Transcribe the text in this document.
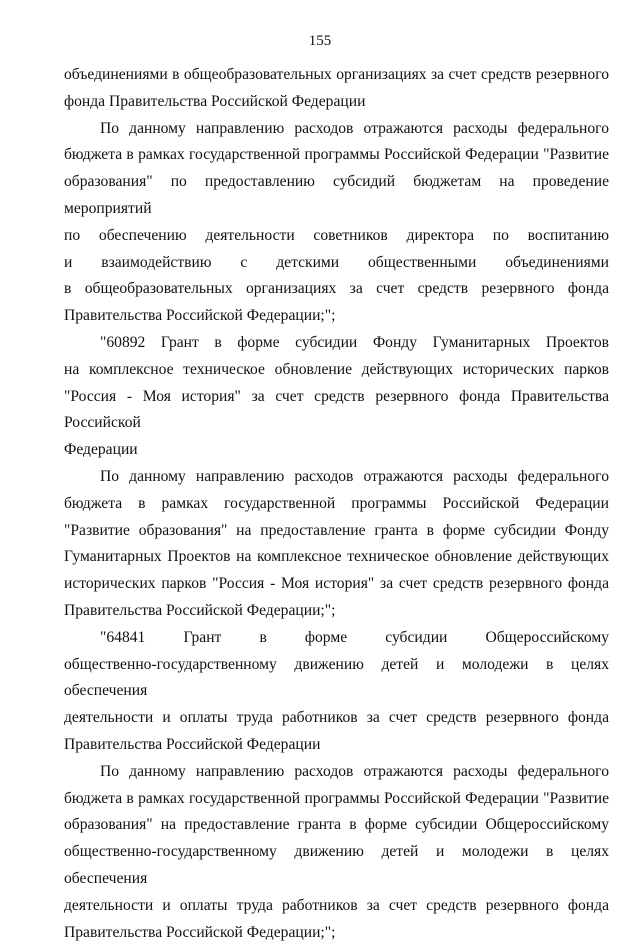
155
объединениями в общеобразовательных организациях за счет средств резервного
фонда Правительства Российской Федерации
По данному направлению расходов отражаются расходы федерального
бюджета в рамках государственной программы Российской Федерации "Развитие
образования" по предоставлению субсидий бюджетам на проведение мероприятий
по обеспечению деятельности советников директора по воспитанию
и взаимодействию с детскими общественными объединениями
в общеобразовательных организациях за счет средств резервного фонда
Правительства Российской Федерации;";
"60892 Грант в форме субсидии Фонду Гуманитарных Проектов
на комплексное техническое обновление действующих исторических парков
"Россия - Моя история" за счет средств резервного фонда Правительства Российской
Федерации
По данному направлению расходов отражаются расходы федерального
бюджета в рамках государственной программы Российской Федерации
"Развитие образования" на предоставление гранта в форме субсидии Фонду
Гуманитарных Проектов на комплексное техническое обновление действующих
исторических парков "Россия - Моя история" за счет средств резервного фонда
Правительства Российской Федерации;";
"64841 Грант в форме субсидии Общероссийскому
общественно-государственному движению детей и молодежи в целях обеспечения
деятельности и оплаты труда работников за счет средств резервного фонда
Правительства Российской Федерации
По данному направлению расходов отражаются расходы федерального
бюджета в рамках государственной программы Российской Федерации "Развитие
образования" на предоставление гранта в форме субсидии Общероссийскому
общественно-государственному движению детей и молодежи в целях обеспечения
деятельности и оплаты труда работников за счет средств резервного фонда
Правительства Российской Федерации;";
